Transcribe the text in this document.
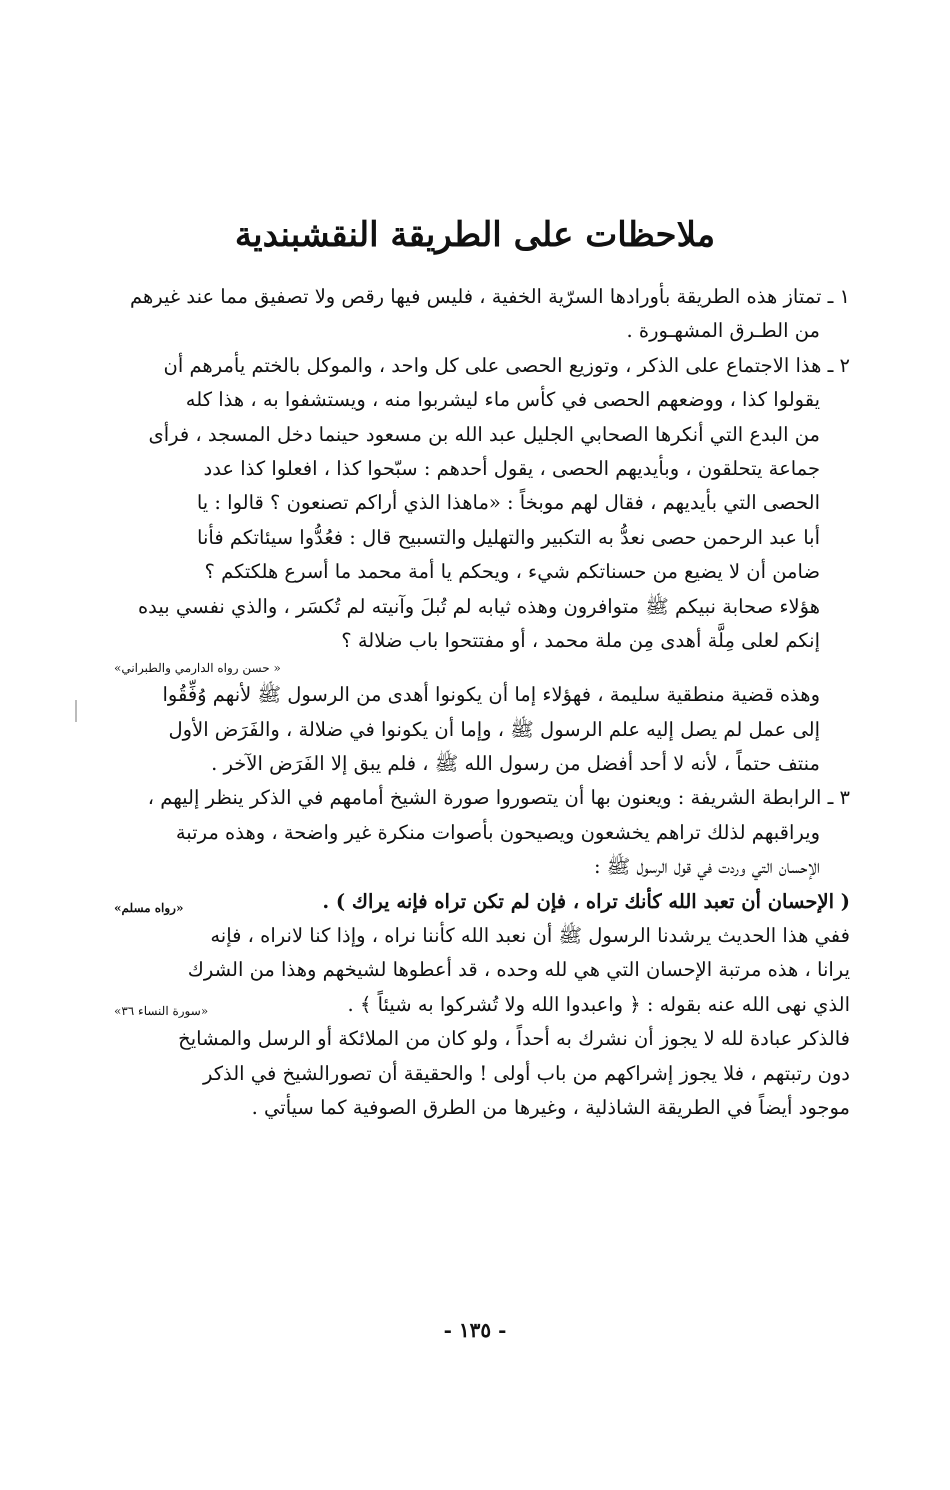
ملاحظات على الطريقة النقشبندية
١ ـ تمتاز هذه الطريقة بأورادها السرّية الخفية ، فليس فيها رقص ولا تصفيق مما عند غيرهم
من الطـرق المشهـورة .
٢ ـ هذا الاجتماع على الذكر ، وتوزيع الحصى على كل واحد ، والموكل بالختم يأمرهم أن
يقولوا كذا ، ووضعهم الحصى في كأس ماء ليشربوا منه ، ويستشفوا به ، هذا كله
من البدع التي أنكرها الصحابي الجليل عبد الله بن مسعود حينما دخل المسجد ، فرأى
جماعة يتحلقون ، وبأيديهم الحصى ، يقول أحدهم : سبّحوا كذا ، افعلوا كذا عدد
الحصى التي بأيديهم ، فقال لهم موبخاً : «ماهذا الذي أراكم تصنعون ؟ قالوا : يا
أبا عبد الرحمن حصى نعدُّ به التكبير والتهليل والتسبيح قال : فعُدُّوا سيئاتكم فأنا
ضامن أن لا يضيع من حسناتكم شيء ، ويحكم يا أمة محمد ما أسرع هلكتكم ؟
هؤلاء صحابة نبيكم ﷺ متوافرون وهذه ثيابه لم تُبلَ وآنيته لم تُكسَر ، والذي نفسي بيده
إنكم لعلى مِلَّة أهدى مِن ملة محمد ، أو مفتتحوا باب ضلالة ؟
« حسن رواه الدارمي والطبراني»
وهذه قضية منطقية سليمة ، فهؤلاء إما أن يكونوا أهدى من الرسول ﷺ لأنهم وُفِّقُوا
إلى عمل لم يصل إليه علم الرسول ﷺ ، وإما أن يكونوا في ضلالة ، والفَرَض الأول
منتف حتماً ، لأنه لا أحد أفضل من رسول الله ﷺ ، فلم يبق إلا الفَرَض الآخر .
٣ ـ الرابطة الشريفة : ويعنون بها أن يتصوروا صورة الشيخ أمامهم في الذكر ينظر إليهم ،
ويراقبهم لذلك تراهم يخشعون ويصيحون بأصوات منكرة غير واضحة ، وهذه مرتبة
الإحسان التي وردت في قول الرسول ﷺ :
( الإحسان أن تعبد الله كأنك تراه ، فإن لم تكن تراه فإنه يراك ) .
«رواه مسلم»
ففي هذا الحديث يرشدنا الرسول ﷺ أن نعبد الله كأننا نراه ، وإذا كنا لانراه ، فإنه
يرانا ، هذه مرتبة الإحسان التي هي لله وحده ، قد أعطوها لشيخهم وهذا من الشرك
الذي نهى الله عنه بقوله : ﴿ واعبدوا الله ولا تُشركوا به شيئاً ﴾ .
«سورة النساء ٣٦»
فالذكر عبادة لله لا يجوز أن نشرك به أحداً ، ولو كان من الملائكة أو الرسل والمشايخ
دون رتبتهم ، فلا يجوز إشراكهم من باب أولى ! والحقيقة أن تصورالشيخ في الذكر
موجود أيضاً في الطريقة الشاذلية ، وغيرها من الطرق الصوفية كما سيأتي .
- ١٣٥ -
